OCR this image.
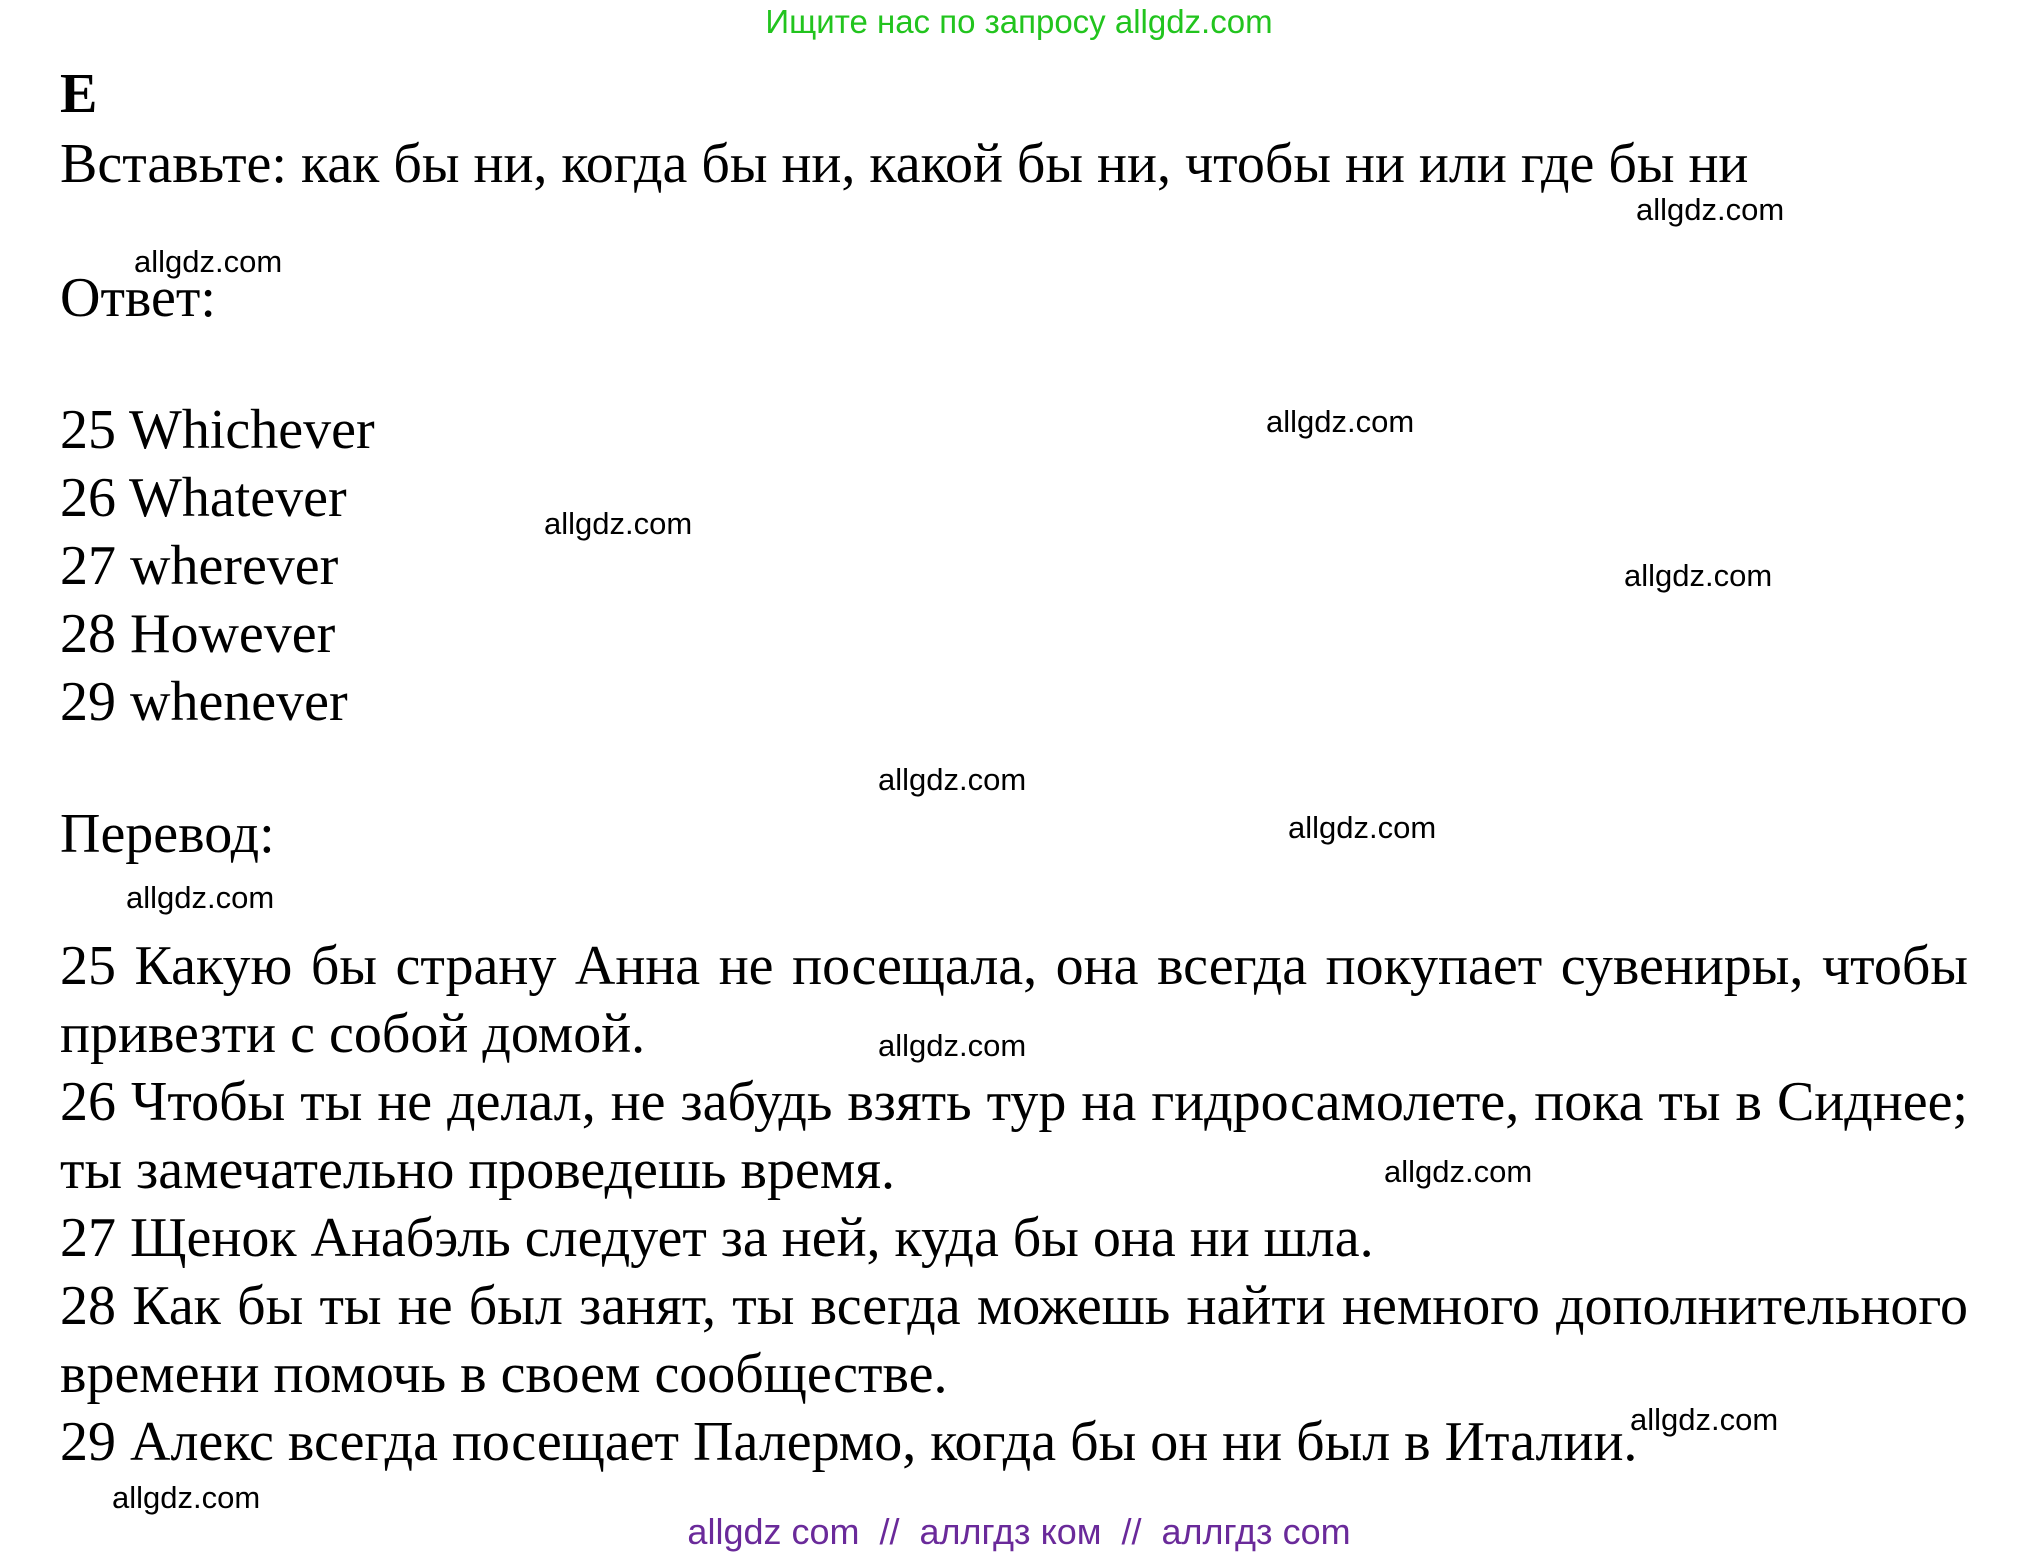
Ищите нас по запросу allgdz.com
E
Вставьте: как бы ни, когда бы ни, какой бы ни, чтобы ни или где бы ни
Ответ:
25 Whichever
26 Whatever
27 wherever
28 However
29 whenever
Перевод:
25 Какую бы страну Анна не посещала, она всегда покупает сувениры, чтобы привезти с собой домой.
26 Чтобы ты не делал, не забудь взять тур на гидросамолете, пока ты в Сиднее; ты замечательно проведешь время.
27 Щенок Анабэль следует за ней, куда бы она ни шла.
28 Как бы ты не был занят, ты всегда можешь найти немного дополнительного времени помочь в своем сообществе.
29 Алекс всегда посещает Палермо, когда бы он ни был в Италии.
allgdz.com
allgdz.com
allgdz.com
allgdz.com
allgdz.com
allgdz.com
allgdz.com
allgdz.com
allgdz.com
allgdz.com
allgdz.com
allgdz.com
allgdz com  //  аллгдз ком  //  аллгдз com
